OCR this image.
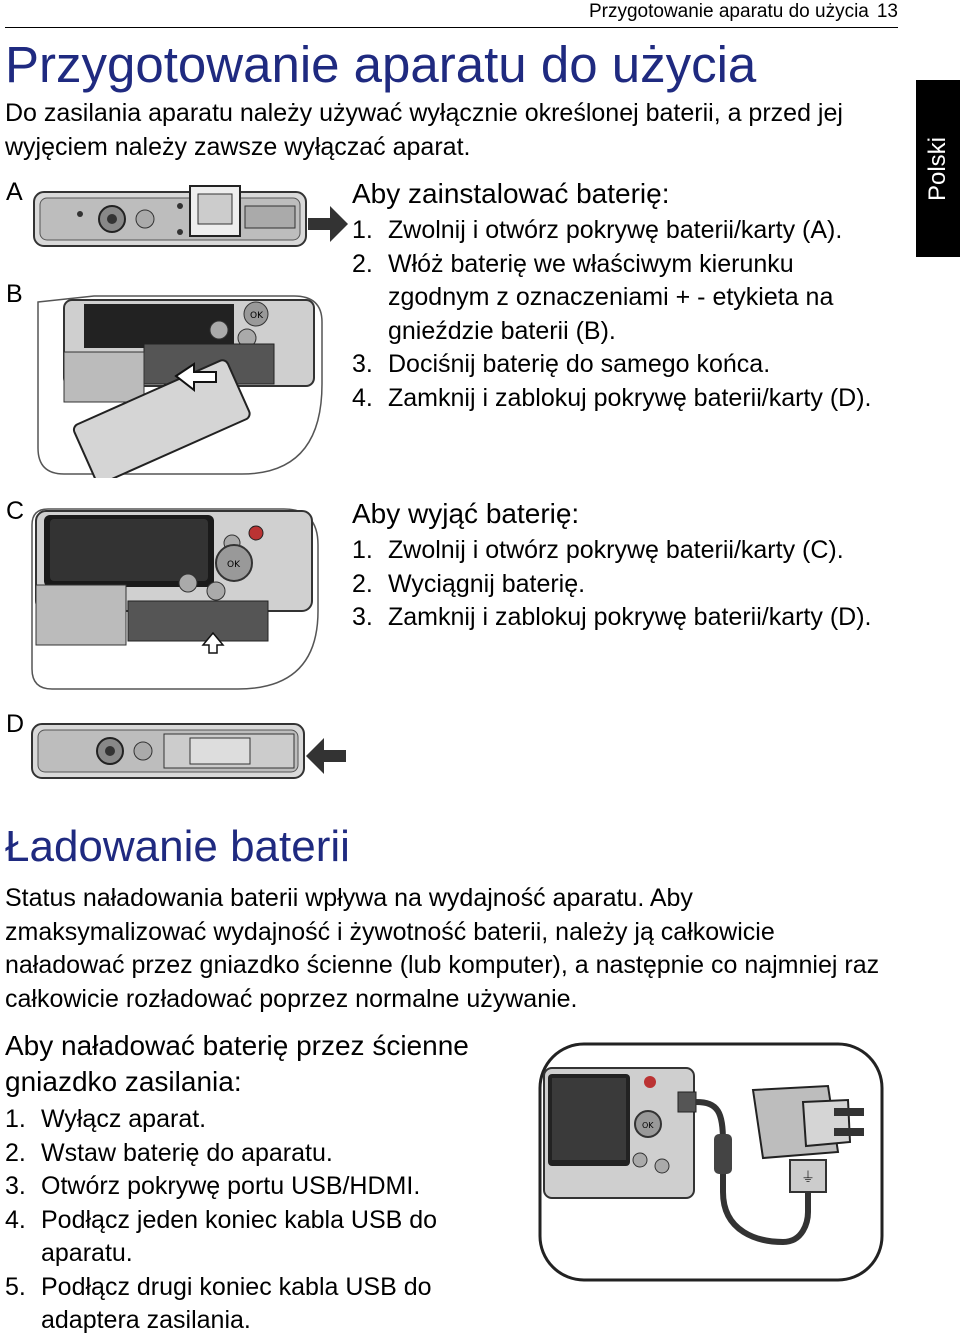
Przygotowanie aparatu do użycia 13
Polski
Przygotowanie aparatu do użycia

Do zasilania aparatu należy używać wyłącznie określonej baterii, a przed jej wyjęciem należy zawsze wyłączać aparat.

A
B
C
D
OK
OK
Aby zainstalować baterię:
1. Zwolnij i otwórz pokrywę baterii/karty (A).
2. Włóż baterię we właściwym kierunku zgodnym z oznaczeniami + - etykieta na gnieździe baterii (B).
3. Dociśnij baterię do samego końca.
4. Zamknij i zablokuj pokrywę baterii/karty (D).
Aby wyjąć baterię:
1. Zwolnij i otwórz pokrywę baterii/karty (C).
2. Wyciągnij baterię.
3. Zamknij i zablokuj pokrywę baterii/karty (D).
Ładowanie baterii

Status naładowania baterii wpływa na wydajność aparatu. Aby zmaksymalizować wydajność i żywotność baterii, należy ją całkowicie naładować przez gniazdko ścienne (lub komputer), a następnie co najmniej raz całkowicie rozładować poprzez normalne używanie.

Aby naładować baterię przez ścienne gniazdko zasilania:
1. Wyłącz aparat.
2. Wstaw baterię do aparatu.
3. Otwórz pokrywę portu USB/HDMI.
4. Podłącz jeden koniec kabla USB do aparatu.
5. Podłącz drugi koniec kabla USB do adaptera zasilania.
OK
⏚
